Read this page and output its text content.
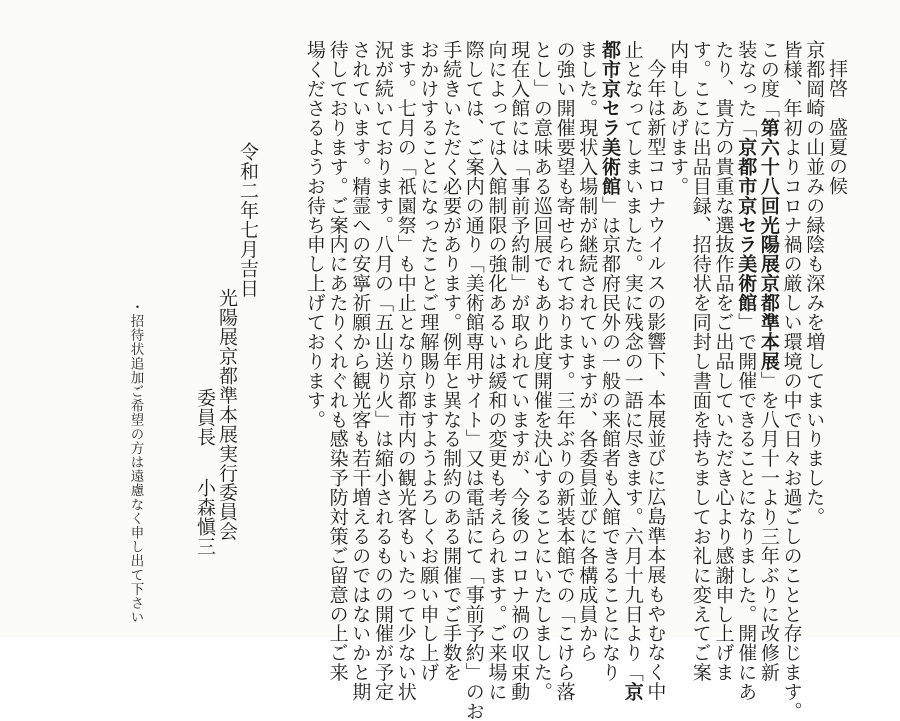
拝啓　盛夏の候
京都岡崎の山並みの緑陰も深みを増してまいりました。
皆様、年初よりコロナ禍の厳しい環境の中で日々お過ごしのことと存じます。
この度「第六十八回光陽展京都準本展」を八月十一より三年ぶりに改修新
装なった「京都市京セラ美術館」で開催できることになりました。開催にあ
たり、貴方の貴重な選抜作品をご出品していただき心より感謝申し上げま
す。ここに出品目録、招待状を同封し書面を持ちましてお礼に変えてご案
内申しあげます。
今年は新型コロナウイルスの影響下、本展並びに広島準本展もやむなく中
止となってしまいました。実に残念の一語に尽きます。六月十九日より「京
都市京セラ美術館」は京都府民外の一般の来館者も入館できることになり
ました。現状入場制が継続されていますが、各委員並びに各構成員から
の強い開催要望も寄せられております。三年ぶりの新装本館での「こけら落
とし」の意味ある巡回展でもあり此度開催を決心することにいたしました。
現在入館には「事前予約制」が取られていますが、今後のコロナ禍の収束動
向によっては入館制限の強化あるいは緩和の変更も考えられます。ご来場に
際しては、ご案内の通り「美術館専用サイト」又は電話にて「事前予約」のお
手続きいただく必要があります。例年と異なる制約のある開催でご手数を
おかけすることになったことご理解賜りますようよろしくお願い申し上げ
ます。七月の「祇園祭」も中止となり京都市内の観光客もいたって少ない状
況が続いております。八月の「五山送り火」は縮小されるものの開催が予定
されています。精霊への安寧祈願から観光客も若干増えるのではないかと期
待しております。ご案内にあたりくれぐれも感染予防対策ご留意の上ご来
場くださるようお待ち申し上げております。
令和二年七月吉日
光陽展京都準本展実行委員会
委員長
小森愼三
・招待状追加ご希望の方は遠慮なく申し出て下さい
